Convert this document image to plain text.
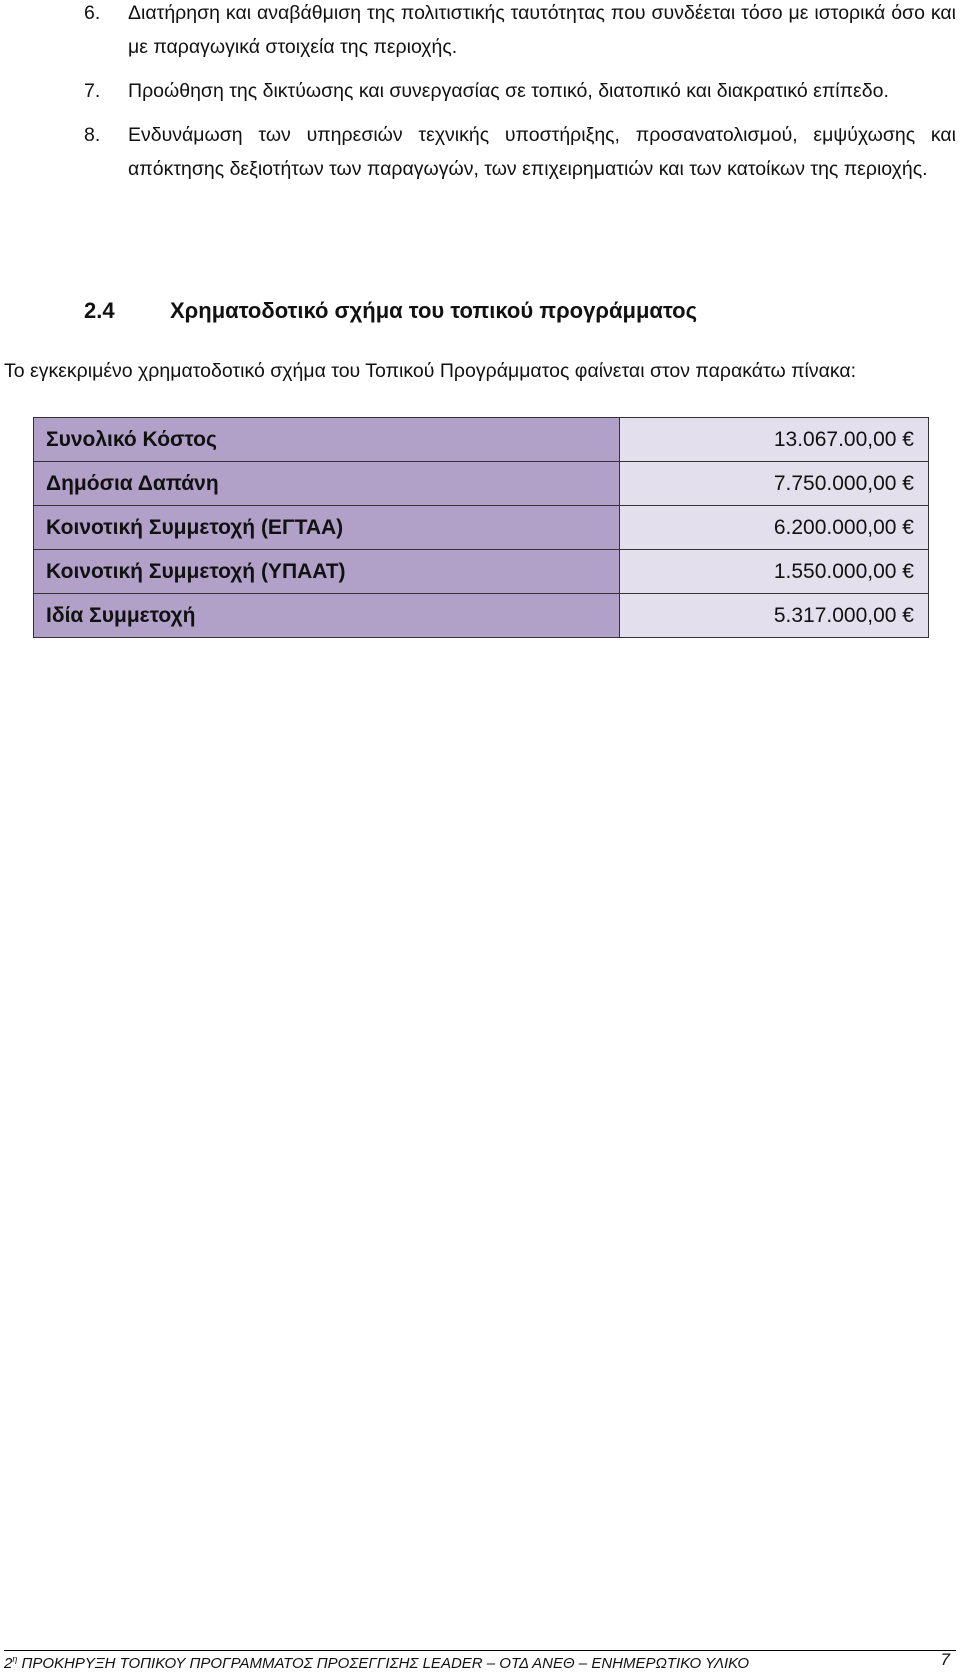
6.	Διατήρηση και αναβάθμιση της πολιτιστικής ταυτότητας που συνδέεται τόσο με ιστορικά όσο και με παραγωγικά στοιχεία της περιοχής.
7.	Προώθηση της δικτύωσης και συνεργασίας σε τοπικό, διατοπικό και διακρατικό επίπεδο.
8.	Ενδυνάμωση των υπηρεσιών τεχνικής υποστήριξης, προσανατολισμού, εμψύχωσης και απόκτησης δεξιοτήτων των παραγωγών, των επιχειρηματιών και των κατοίκων της περιοχής.
2.4	Χρηματοδοτικό σχήμα του τοπικού προγράμματος
Το εγκεκριμένο χρηματοδοτικό σχήμα του Τοπικού Προγράμματος φαίνεται στον παρακάτω πίνακα:
Συνολικό Κόστος	13.067.00,00 €
Δημόσια Δαπάνη	7.750.000,00 €
Κοινοτική Συμμετοχή (ΕΓΤΑΑ)	6.200.000,00 €
Κοινοτική Συμμετοχή (ΥΠΑΑΤ)	1.550.000,00 €
Ιδία Συμμετοχή	5.317.000,00 €
$2^\eta$ ΠΡΟΚΗΡΥΞΗ ΤΟΠΙΚΟΥ ΠΡΟΓΡΑΜΜΑΤΟΣ ΠΡΟΣΕΓΓΙΣΗΣ LEADER – ΟΤΔ ΑΝΕΘ – ΕΝΗΜΕΡΩΤΙΚΟ ΥΛΙΚΟ	7
